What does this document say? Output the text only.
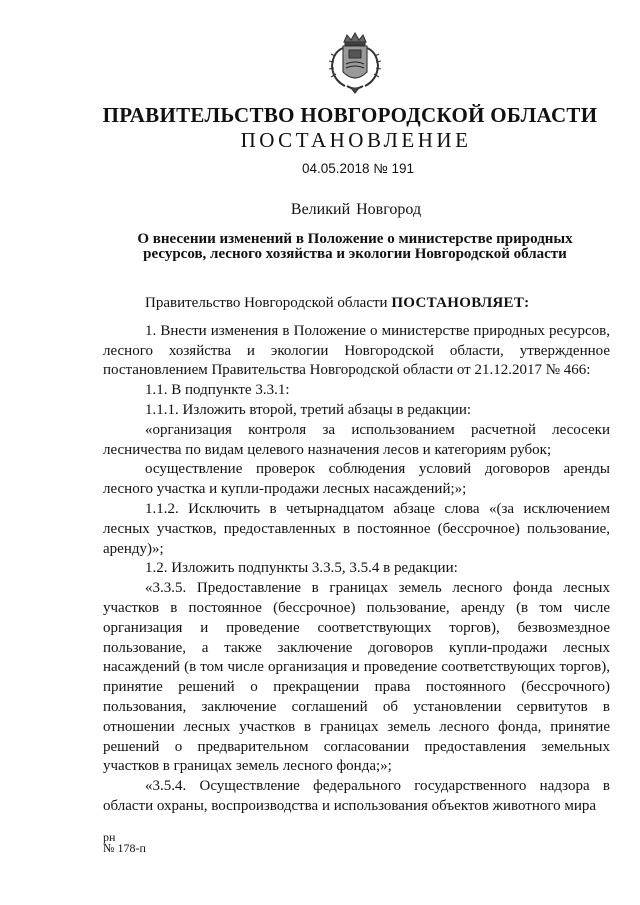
ПРАВИТЕЛЬСТВО НОВГОРОДСКОЙ ОБЛАСТИ
ПОСТАНОВЛЕНИЕ
04.05.2018 № 191
Великий Новгород
О внесении изменений в Положение о министерстве природных
ресурсов, лесного хозяйства и экологии Новгородской области

Правительство Новгородской области ПОСТАНОВЛЯЕТ:

1. Внести изменения в Положение о министерстве природных ресурсов, лесного хозяйства и экологии Новгородской области, утвержденное постановлением Правительства Новгородской области от 21.12.2017 № 466:

1.1. В подпункте 3.3.1:

1.1.1. Изложить второй, третий абзацы в редакции:

«организация контроля за использованием расчетной лесосеки лесничества по видам целевого назначения лесов и категориям рубок;

осуществление проверок соблюдения условий договоров аренды лесного участка и купли-продажи лесных насаждений;»;

1.1.2. Исключить в четырнадцатом абзаце слова «(за исключением лесных участков, предоставленных в постоянное (бессрочное) пользование, аренду)»;

1.2. Изложить подпункты 3.3.5, 3.5.4 в редакции:

«3.3.5. Предоставление в границах земель лесного фонда лесных участков в постоянное (бессрочное) пользование, аренду (в том числе организация и проведение соответствующих торгов), безвозмездное пользование, а также заключение договоров купли-продажи лесных насаждений (в том числе организация и проведение соответствующих торгов), принятие решений о прекращении права постоянного (бессрочного) пользования, заключение соглашений об установлении сервитутов в отношении лесных участков в границах земель лесного фонда, принятие решений о предварительном согласовании предоставления земельных участков в границах земель лесного фонда;»;

«3.5.4. Осуществление федерального государственного надзора в области охраны, воспроизводства и использования объектов животного мира

рн
№ 178-п
